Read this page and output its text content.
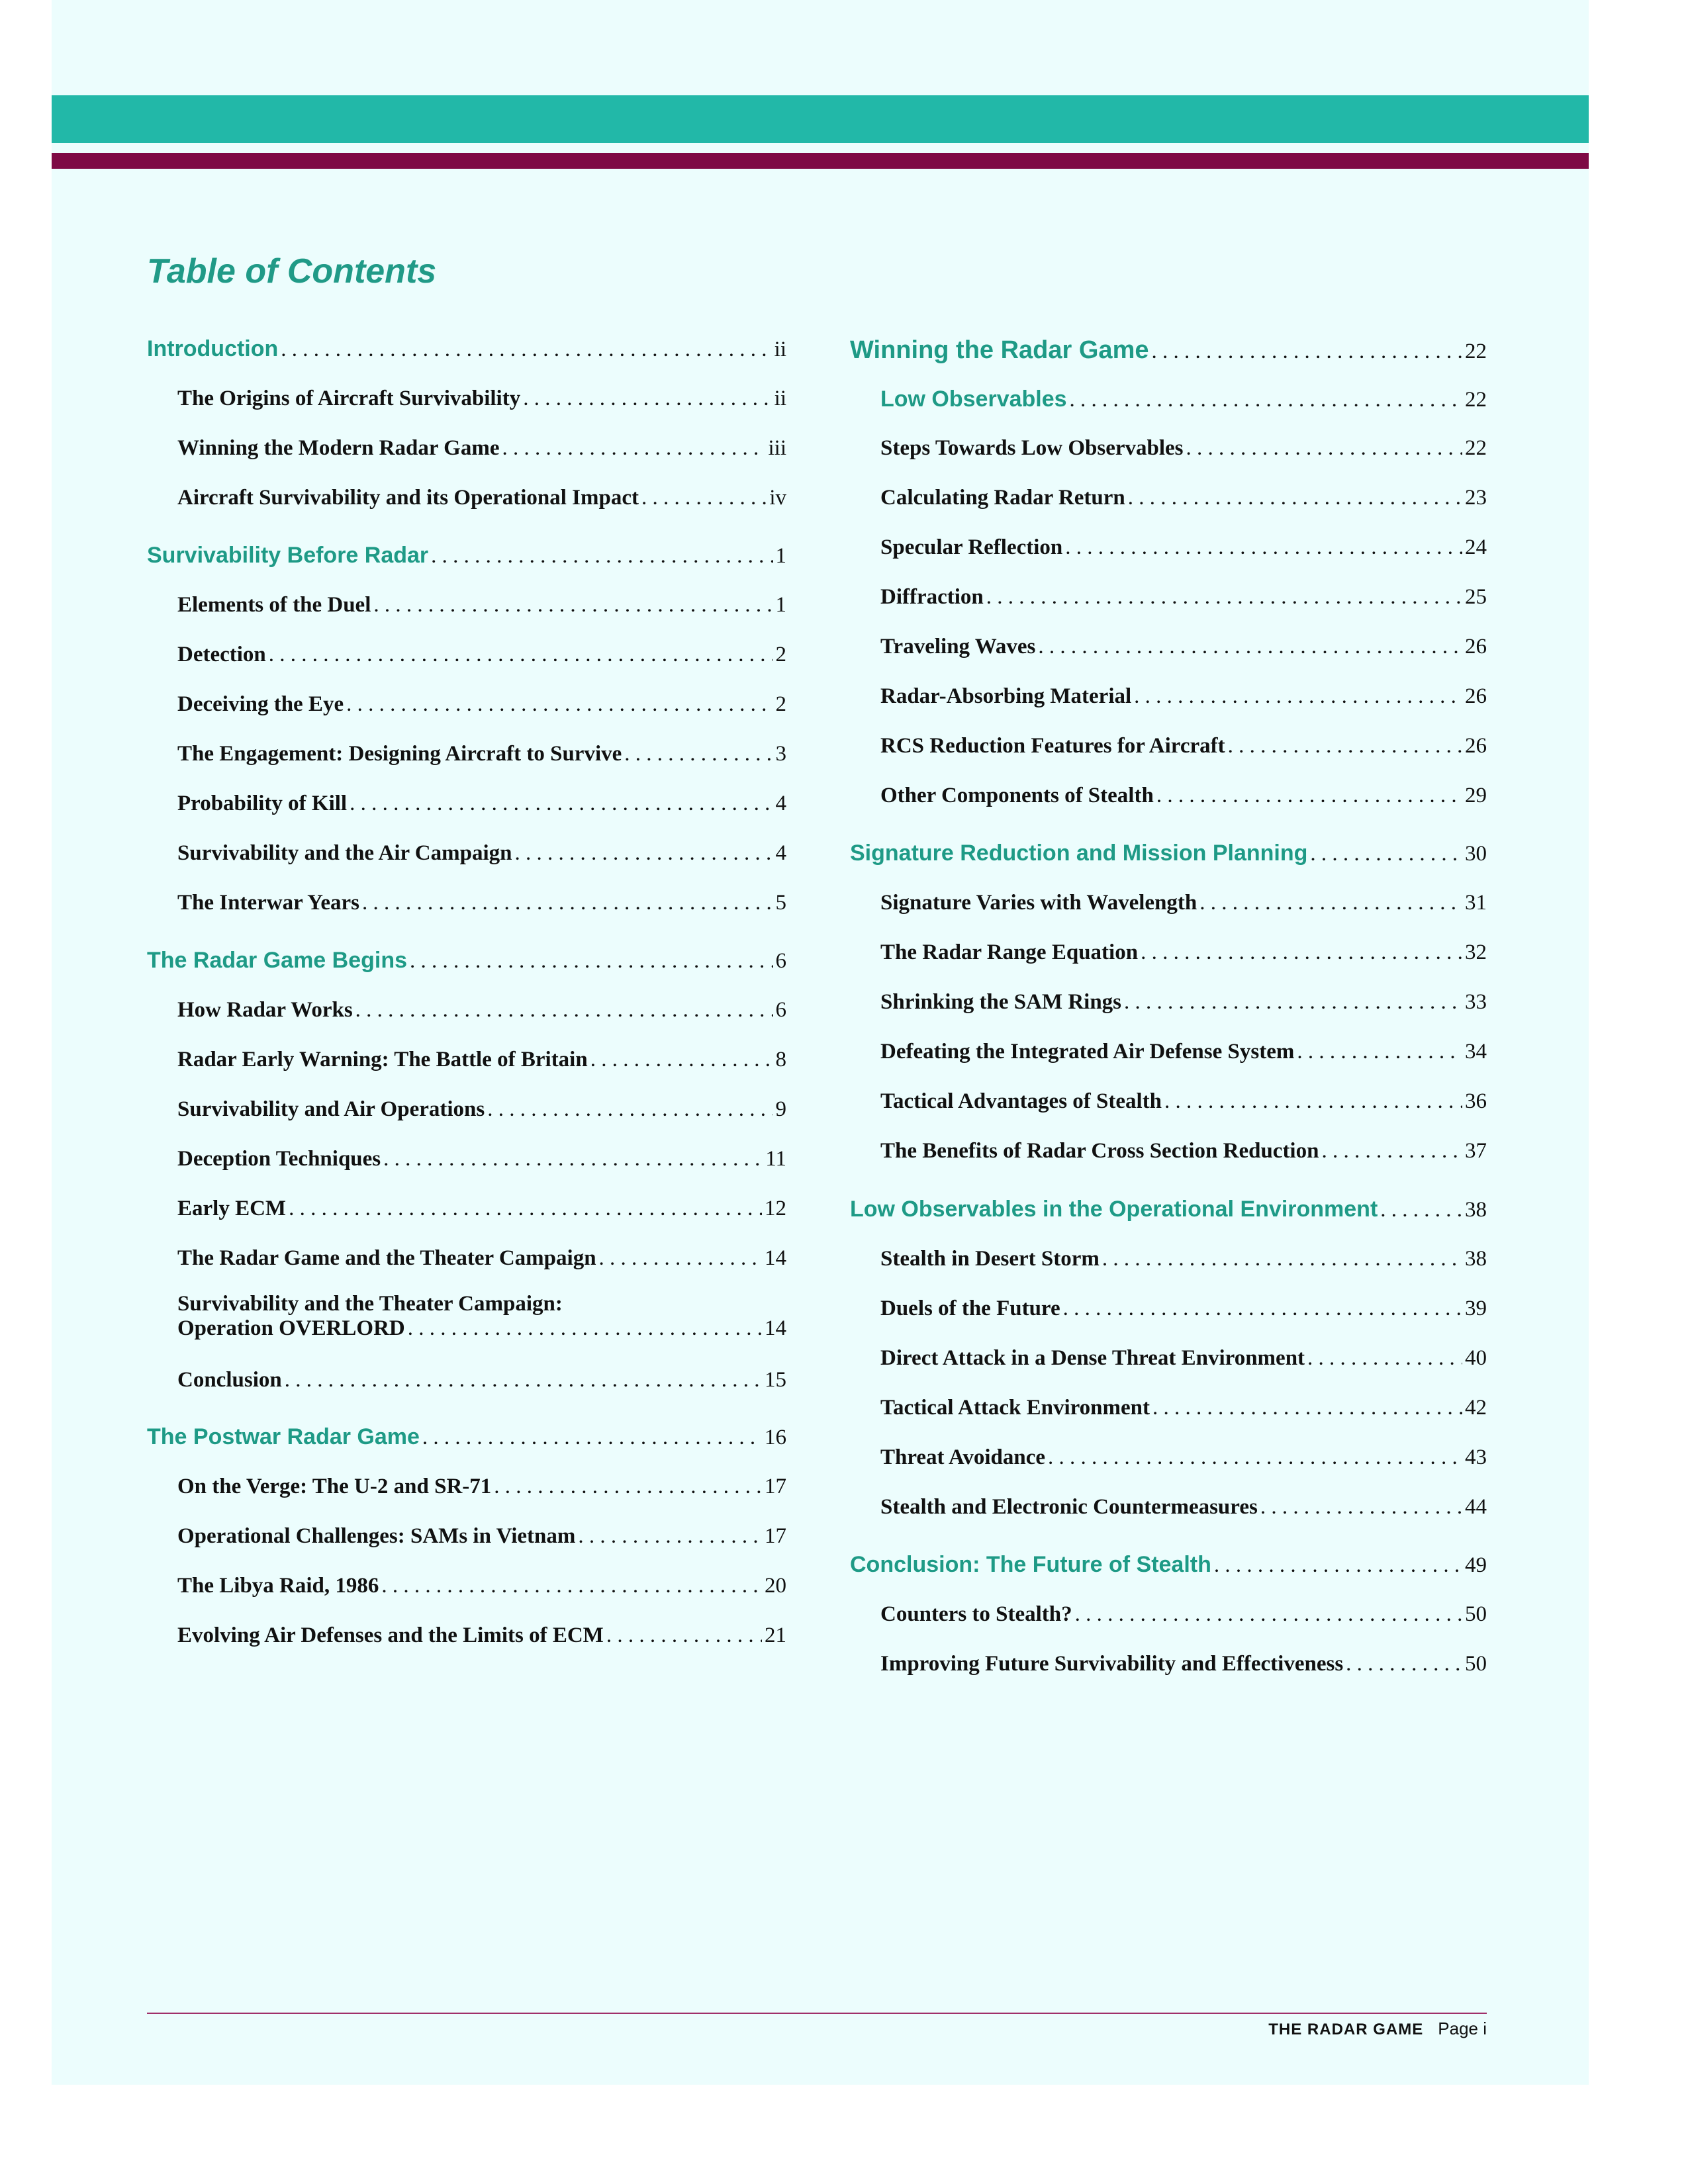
Table of Contents
Introduction . . .	ii
The Origins of Aircraft Survivability . . .	ii
Winning the Modern Radar Game . . .	iii
Aircraft Survivability and its Operational Impact . . .	iv
Survivability Before Radar . . .	1
Elements of the Duel . . .	1
Detection . . .	2
Deceiving the Eye . . .	2
The Engagement: Designing Aircraft to Survive . . .	3
Probability of Kill . . .	4
Survivability and the Air Campaign . . .	4
The Interwar Years . . .	5
The Radar Game Begins . . .	6
How Radar Works . . .	6
Radar Early Warning: The Battle of Britain . . .	8
Survivability and Air Operations . . .	9
Deception Techniques . . .	11
Early ECM . . .	12
The Radar Game and the Theater Campaign . . .	14
Survivability and the Theater Campaign:
Operation OVERLORD . . .	14
Conclusion . . .	15
The Postwar Radar Game . . .	16
On the Verge: The U-2 and SR-71 . . .	17
Operational Challenges: SAMs in Vietnam . . .	17
The Libya Raid, 1986 . . .	20
Evolving Air Defenses and the Limits of ECM . . .	21
Winning the Radar Game . . .	22
Low Observables . . .	22
Steps Towards Low Observables . . .	22
Calculating Radar Return . . .	23
Specular Reflection . . .	24
Diffraction . . .	25
Traveling Waves . . .	26
Radar-Absorbing Material . . .	26
RCS Reduction Features for Aircraft . . .	26
Other Components of Stealth . . .	29
Signature Reduction and Mission Planning . . .	30
Signature Varies with Wavelength . . .	31
The Radar Range Equation . . .	32
Shrinking the SAM Rings . . .	33
Defeating the Integrated Air Defense System . . .	34
Tactical Advantages of Stealth . . .	36
The Benefits of Radar Cross Section Reduction . . .	37
Low Observables in the Operational Environment . . .	38
Stealth in Desert Storm . . .	38
Duels of the Future . . .	39
Direct Attack in a Dense Threat Environment . . .	40
Tactical Attack Environment . . .	42
Threat Avoidance . . .	43
Stealth and Electronic Countermeasures . . .	44
Conclusion: The Future of Stealth . . .	49
Counters to Stealth? . . .	50
Improving Future Survivability and Effectiveness . . .	50
THE RADAR GAME Page i
